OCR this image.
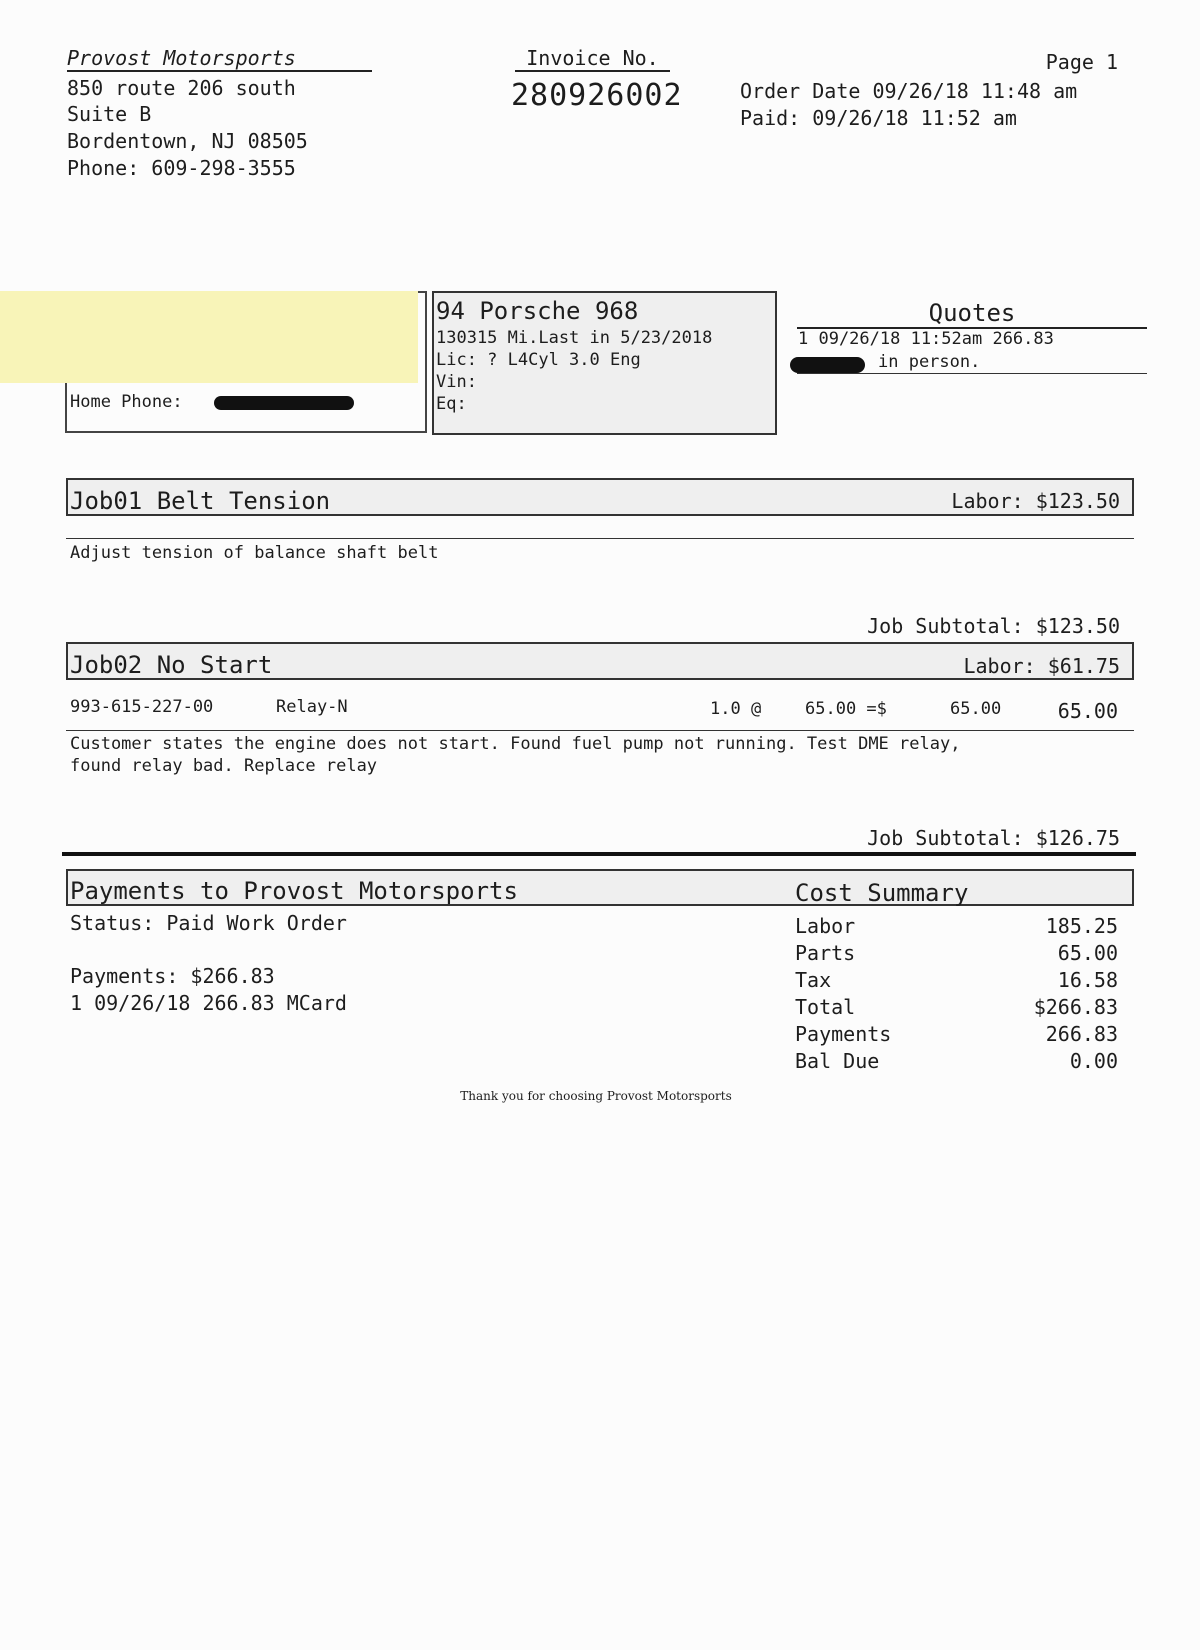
Provost Motorsports
850 route 206 south
Suite B
Bordentown, NJ 08505
Phone: 609-298-3555
Invoice No.
280926002
Page 1
Order Date 09/26/18 11:48 am
Paid: 09/26/18 11:52 am
Home Phone:
94 Porsche 968
130315 Mi.Last in 5/23/2018
Lic: ? L4Cyl 3.0 Eng
Vin:
Eq:
Quotes
1 09/26/18 11:52am 266.83
in person.
Job01 Belt Tension	Labor: $123.50
Adjust tension of balance shaft belt
Job Subtotal: $123.50
Job02 No Start	Labor: $61.75
993-615-227-00	Relay-N	1.0 @	65.00 =$	65.00	65.00
Customer states the engine does not start. Found fuel pump not running. Test DME relay,
found relay bad. Replace relay
Job Subtotal: $126.75
Payments to Provost Motorsports	Cost Summary
Status: Paid Work Order
Payments: $266.83
1 09/26/18 266.83 MCard
Labor	185.25
Parts	65.00
Tax	16.58
Total	$266.83
Payments	266.83
Bal Due	0.00
Thank you for choosing Provost Motorsports
